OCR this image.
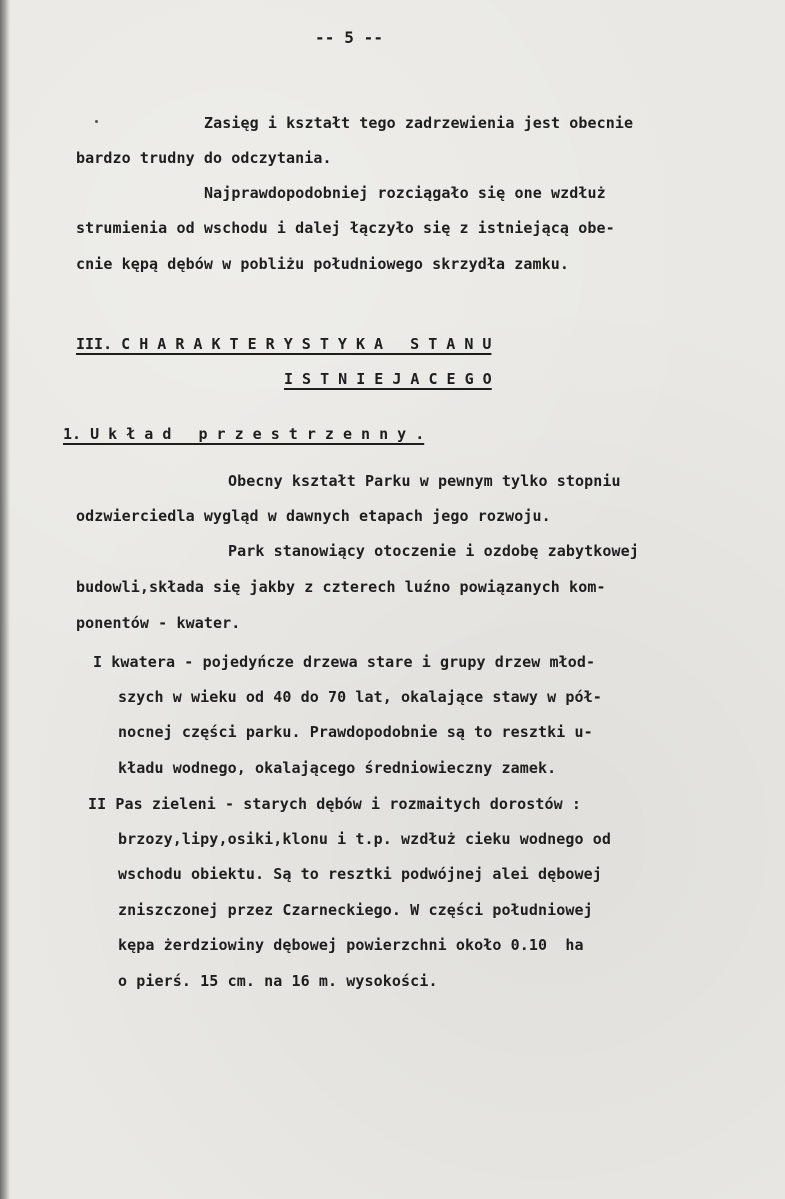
-- 5 --
Zasięg i kształt tego zadrzewienia jest obecnie
bardzo trudny do odczytania.
Najprawdopodobniej rozciągało się one wzdłuż
strumienia od wschodu i dalej łączyło się z istniejącą obe-
cnie kępą dębów w pobliżu południowego skrzydła zamku.
III. C H A R A K T E R Y S T Y K A   S T A N U
I S T N I E J A C E G O
1. U k ł a d   p r z e s t r z e n n y .
Obecny kształt Parku w pewnym tylko stopniu
odzwierciedla wygląd w dawnych etapach jego rozwoju.
Park stanowiący otoczenie i ozdobę zabytkowej
budowli,składa się jakby z czterech luźno powiązanych kom-
ponentów - kwater.
I kwatera - pojedyńcze drzewa stare i grupy drzew młod-
szych w wieku od 40 do 70 lat, okalające stawy w pół-
nocnej części parku. Prawdopodobnie są to resztki u-
kładu wodnego, okalającego średniowieczny zamek.
II Pas zieleni - starych dębów i rozmaitych dorostów :
brzozy,lipy,osiki,klonu i t.p. wzdłuż cieku wodnego od
wschodu obiektu. Są to resztki podwójnej alei dębowej
zniszczonej przez Czarneckiego. W części południowej
kępa żerdziowiny dębowej powierzchni około 0.10  ha
o pierś. 15 cm. na 16 m. wysokości.
